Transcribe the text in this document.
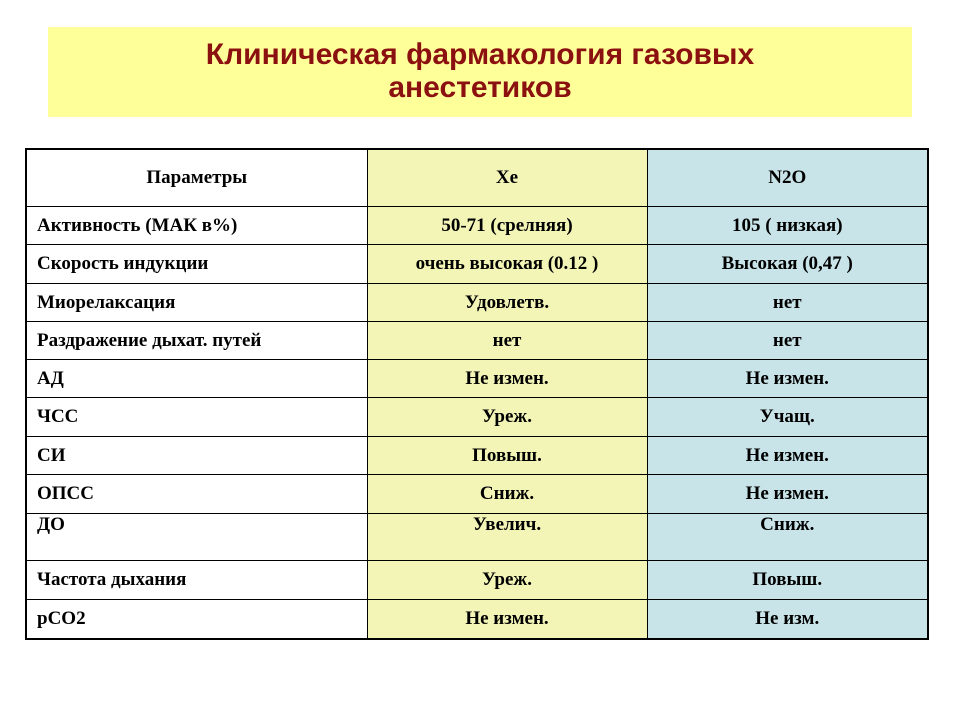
Клиническая фармакология газовых
анестетиков
Параметры	Xe	N2O
Активность (МАК в%)	50-71 (срелняя)	105 ( низкая)
Скорость индукции	очень высокая (0.12 )	Высокая (0,47 )
Миорелаксация	Удовлетв.	нет
Раздражение дыхат. путей	нет	нет
АД	Не измен.	Не измен.
ЧСС	Уреж.	Учащ.
СИ	Повыш.	Не измен.
ОПСС	Сниж.	Не измен.
ДО	Увелич.	Сниж.
Частота дыхания	Уреж.	Повыш.
рСО2	Не измен.	Не изм.
